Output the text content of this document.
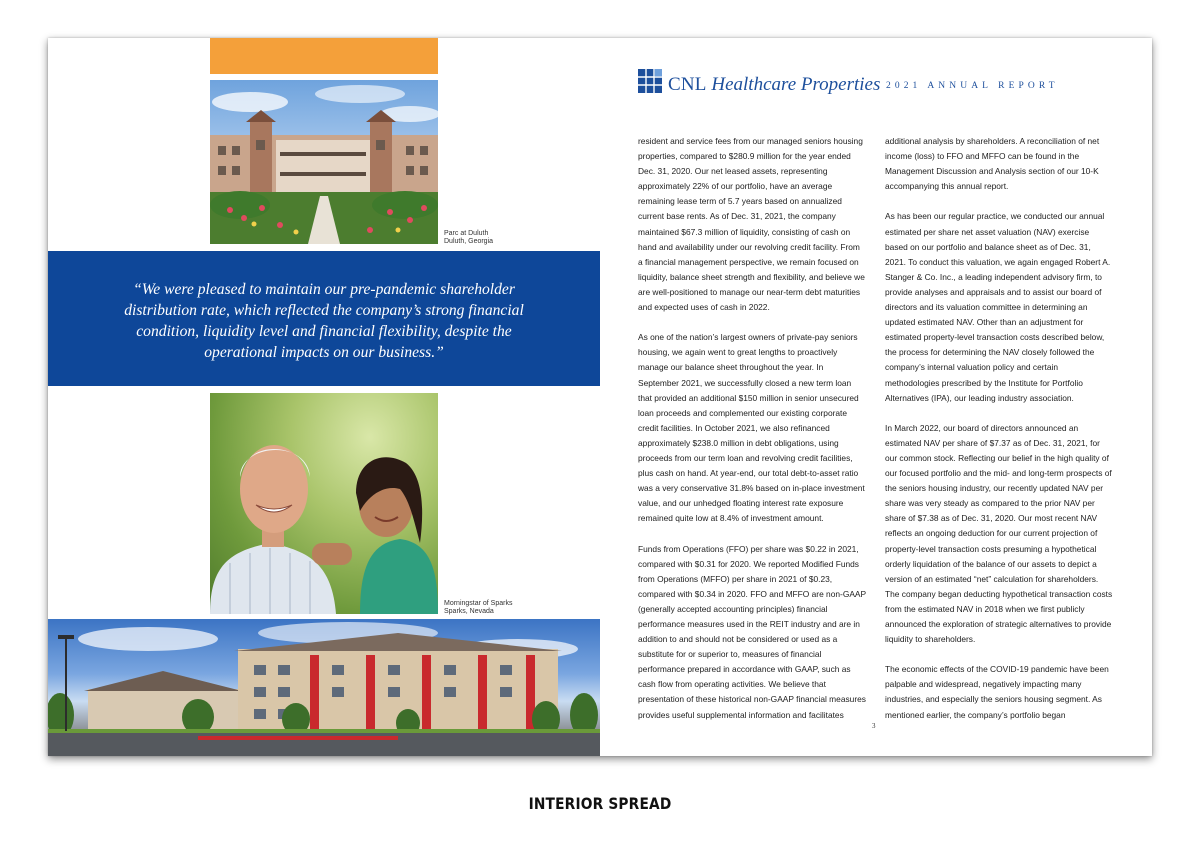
Parc at Duluth
Duluth, Georgia
“We were pleased to maintain our pre-pandemic shareholder distribution rate, which reflected the company’s strong financial condition, liquidity level and financial flexibility, despite the operational impacts on our business.”
Morningstar of Sparks
Sparks, Nevada
CNL Healthcare Properties 2021 ANNUAL REPORT

resident and service fees from our managed seniors housing properties, compared to $280.9 million for the year ended Dec. 31, 2020. Our net leased assets, representing approximately 22% of our portfolio, have an average remaining lease term of 5.7 years based on annualized current base rents. As of Dec. 31, 2021, the company maintained $67.3 million of liquidity, consisting of cash on hand and availability under our revolving credit facility. From a financial management perspective, we remain focused on liquidity, balance sheet strength and flexibility, and believe we are well-positioned to manage our near-term debt maturities and expected uses of cash in 2022.

As one of the nation’s largest owners of private-pay seniors housing, we again went to great lengths to proactively manage our balance sheet throughout the year. In September 2021, we successfully closed a new term loan that provided an additional $150 million in senior unsecured loan proceeds and complemented our existing corporate credit facilities. In October 2021, we also refinanced approximately $238.0 million in debt obligations, using proceeds from our term loan and revolving credit facilities, plus cash on hand. At year-end, our total debt-to-asset ratio was a very conservative 31.8% based on in-place investment value, and our unhedged floating interest rate exposure remained quite low at 8.4% of investment amount.

Funds from Operations (FFO) per share was $0.22 in 2021, compared with $0.31 for 2020. We reported Modified Funds from Operations (MFFO) per share in 2021 of $0.23, compared with $0.34 in 2020. FFO and MFFO are non-GAAP (generally accepted accounting principles) financial performance measures used in the REIT industry and are in addition to and should not be considered or used as a substitute for or superior to, measures of financial performance prepared in accordance with GAAP, such as cash flow from operating activities. We believe that presentation of these historical non-GAAP financial measures provides useful supplemental information and facilitates

additional analysis by shareholders. A reconciliation of net income (loss) to FFO and MFFO can be found in the Management Discussion and Analysis section of our 10-K accompanying this annual report.

As has been our regular practice, we conducted our annual estimated per share net asset valuation (NAV) exercise based on our portfolio and balance sheet as of Dec. 31, 2021. To conduct this valuation, we again engaged Robert A. Stanger & Co. Inc., a leading independent advisory firm, to provide analyses and appraisals and to assist our board of directors and its valuation committee in determining an updated estimated NAV. Other than an adjustment for estimated property-level transaction costs described below, the process for determining the NAV closely followed the company’s internal valuation policy and certain methodologies prescribed by the Institute for Portfolio Alternatives (IPA), our leading industry association.

In March 2022, our board of directors announced an estimated NAV per share of $7.37 as of Dec. 31, 2021, for our common stock. Reflecting our belief in the high quality of our focused portfolio and the mid- and long-term prospects of the seniors housing industry, our recently updated NAV per share was very steady as compared to the prior NAV per share of $7.38 as of Dec. 31, 2020. Our most recent NAV reflects an ongoing deduction for our current projection of property-level transaction costs presuming a hypothetical orderly liquidation of the balance of our assets to depict a version of an estimated “net” calculation for shareholders. The company began deducting hypothetical transaction costs from the estimated NAV in 2018 when we first publicly announced the exploration of strategic alternatives to provide liquidity to shareholders.

The economic effects of the COVID-19 pandemic have been palpable and widespread, negatively impacting many industries, and especially the seniors housing segment. As mentioned earlier, the company’s portfolio began

3
INTERIOR SPREAD
